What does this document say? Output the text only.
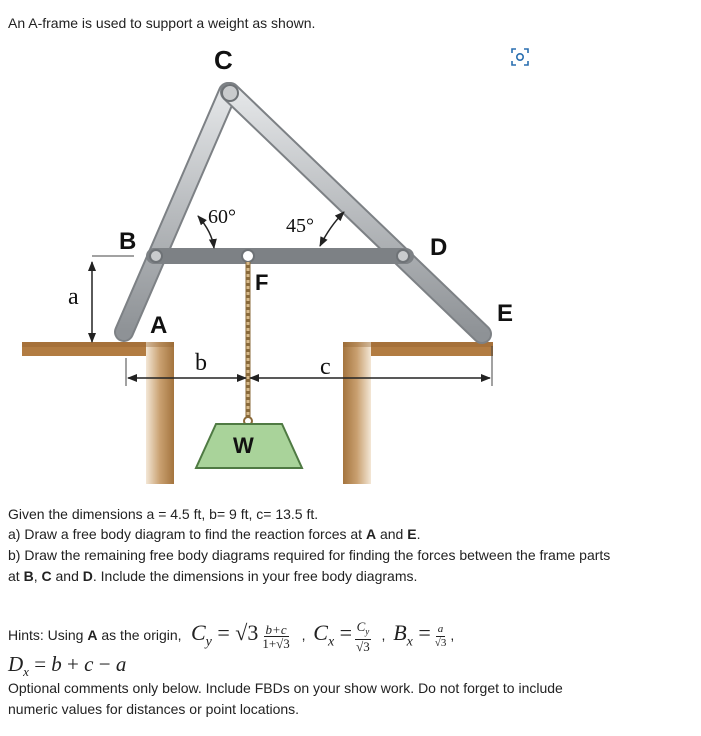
An A-frame is used to support a weight as shown.
C
B	D
A	E
F
W
a
b	c
60°	45°
Given the dimensions a = 4.5 ft, b= 9 ft, c= 13.5 ft.
a) Draw a free body diagram to find the reaction forces at A and E.
b) Draw the remaining free body diagrams required for finding the forces between the frame parts
at B, C and D. Include the dimensions in your free body diagrams.
Hints: Using A as the origin,  $C_y = √3 \frac{b+c}{1+√3}$ ,  $C_x = \frac{C_y}{√3}$ ,  $B_x = \frac{a}{√3}$ ,
$D_x = b + c - a$
Optional comments only below. Include FBDs on your show work. Do not forget to include
numeric values for distances or point locations.
